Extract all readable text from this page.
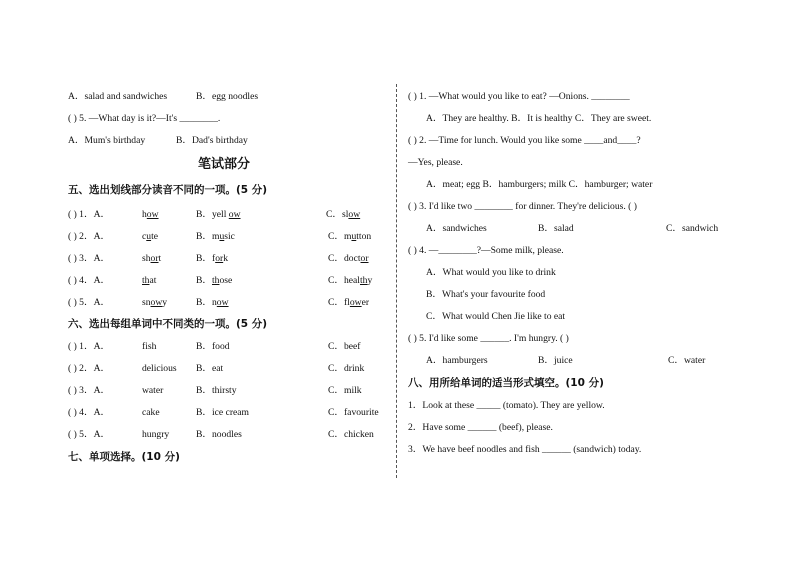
A．salad and sandwiches	B．egg noodles
( ) 5. —What day is it?—It's ________.
A．Mum's birthday	B．Dad's birthday
笔试部分
五、选出划线部分读音不同的一项。(5 分)
( ) 1．A．	how	B．yell ow	C．slow
( ) 2．A．	cute	B．music	C．mutton
( ) 3．A．	short	B．fork	C．doctor
( ) 4．A．	that	B．those	C．healthy
( ) 5．A．	snowy	B．now	C．flower
六、选出每组单词中不同类的一项。(5 分)
( ) 1．A．	fish	B．food	C．beef
( ) 2．A．	delicious B．eat	C．drink
( ) 3．A．	water	B．thirsty	C．milk
( ) 4．A．	cake	B．ice cream	C．favourite
( ) 5．A．	hungry	B．noodles	C．chicken
七、单项选择。(10 分)
( ) 1. —What would you like to eat? —Onions. ________
A．They are healthy. B．It is healthy C．They are sweet.
( ) 2. —Time for lunch. Would you like some ____and____?
—Yes, please.
A．meat; egg B．hamburgers; milk C．hamburger; water
( ) 3. I'd like two ________ for dinner. They're delicious. ( )
A．sandwiches	B．salad	C．sandwich
( ) 4. —________?—Some milk, please.
A．What would you like to drink
B．What's your favourite food
C．What would Chen Jie like to eat
( ) 5. I'd like some ______. I'm hungry. ( )
A．hamburgers	B．juice	C．water
八、用所给单词的适当形式填空。(10 分)
1．Look at these _____ (tomato). They are yellow.
2．Have some ______ (beef), please.
3．We have beef noodles and fish ______ (sandwich) today.
